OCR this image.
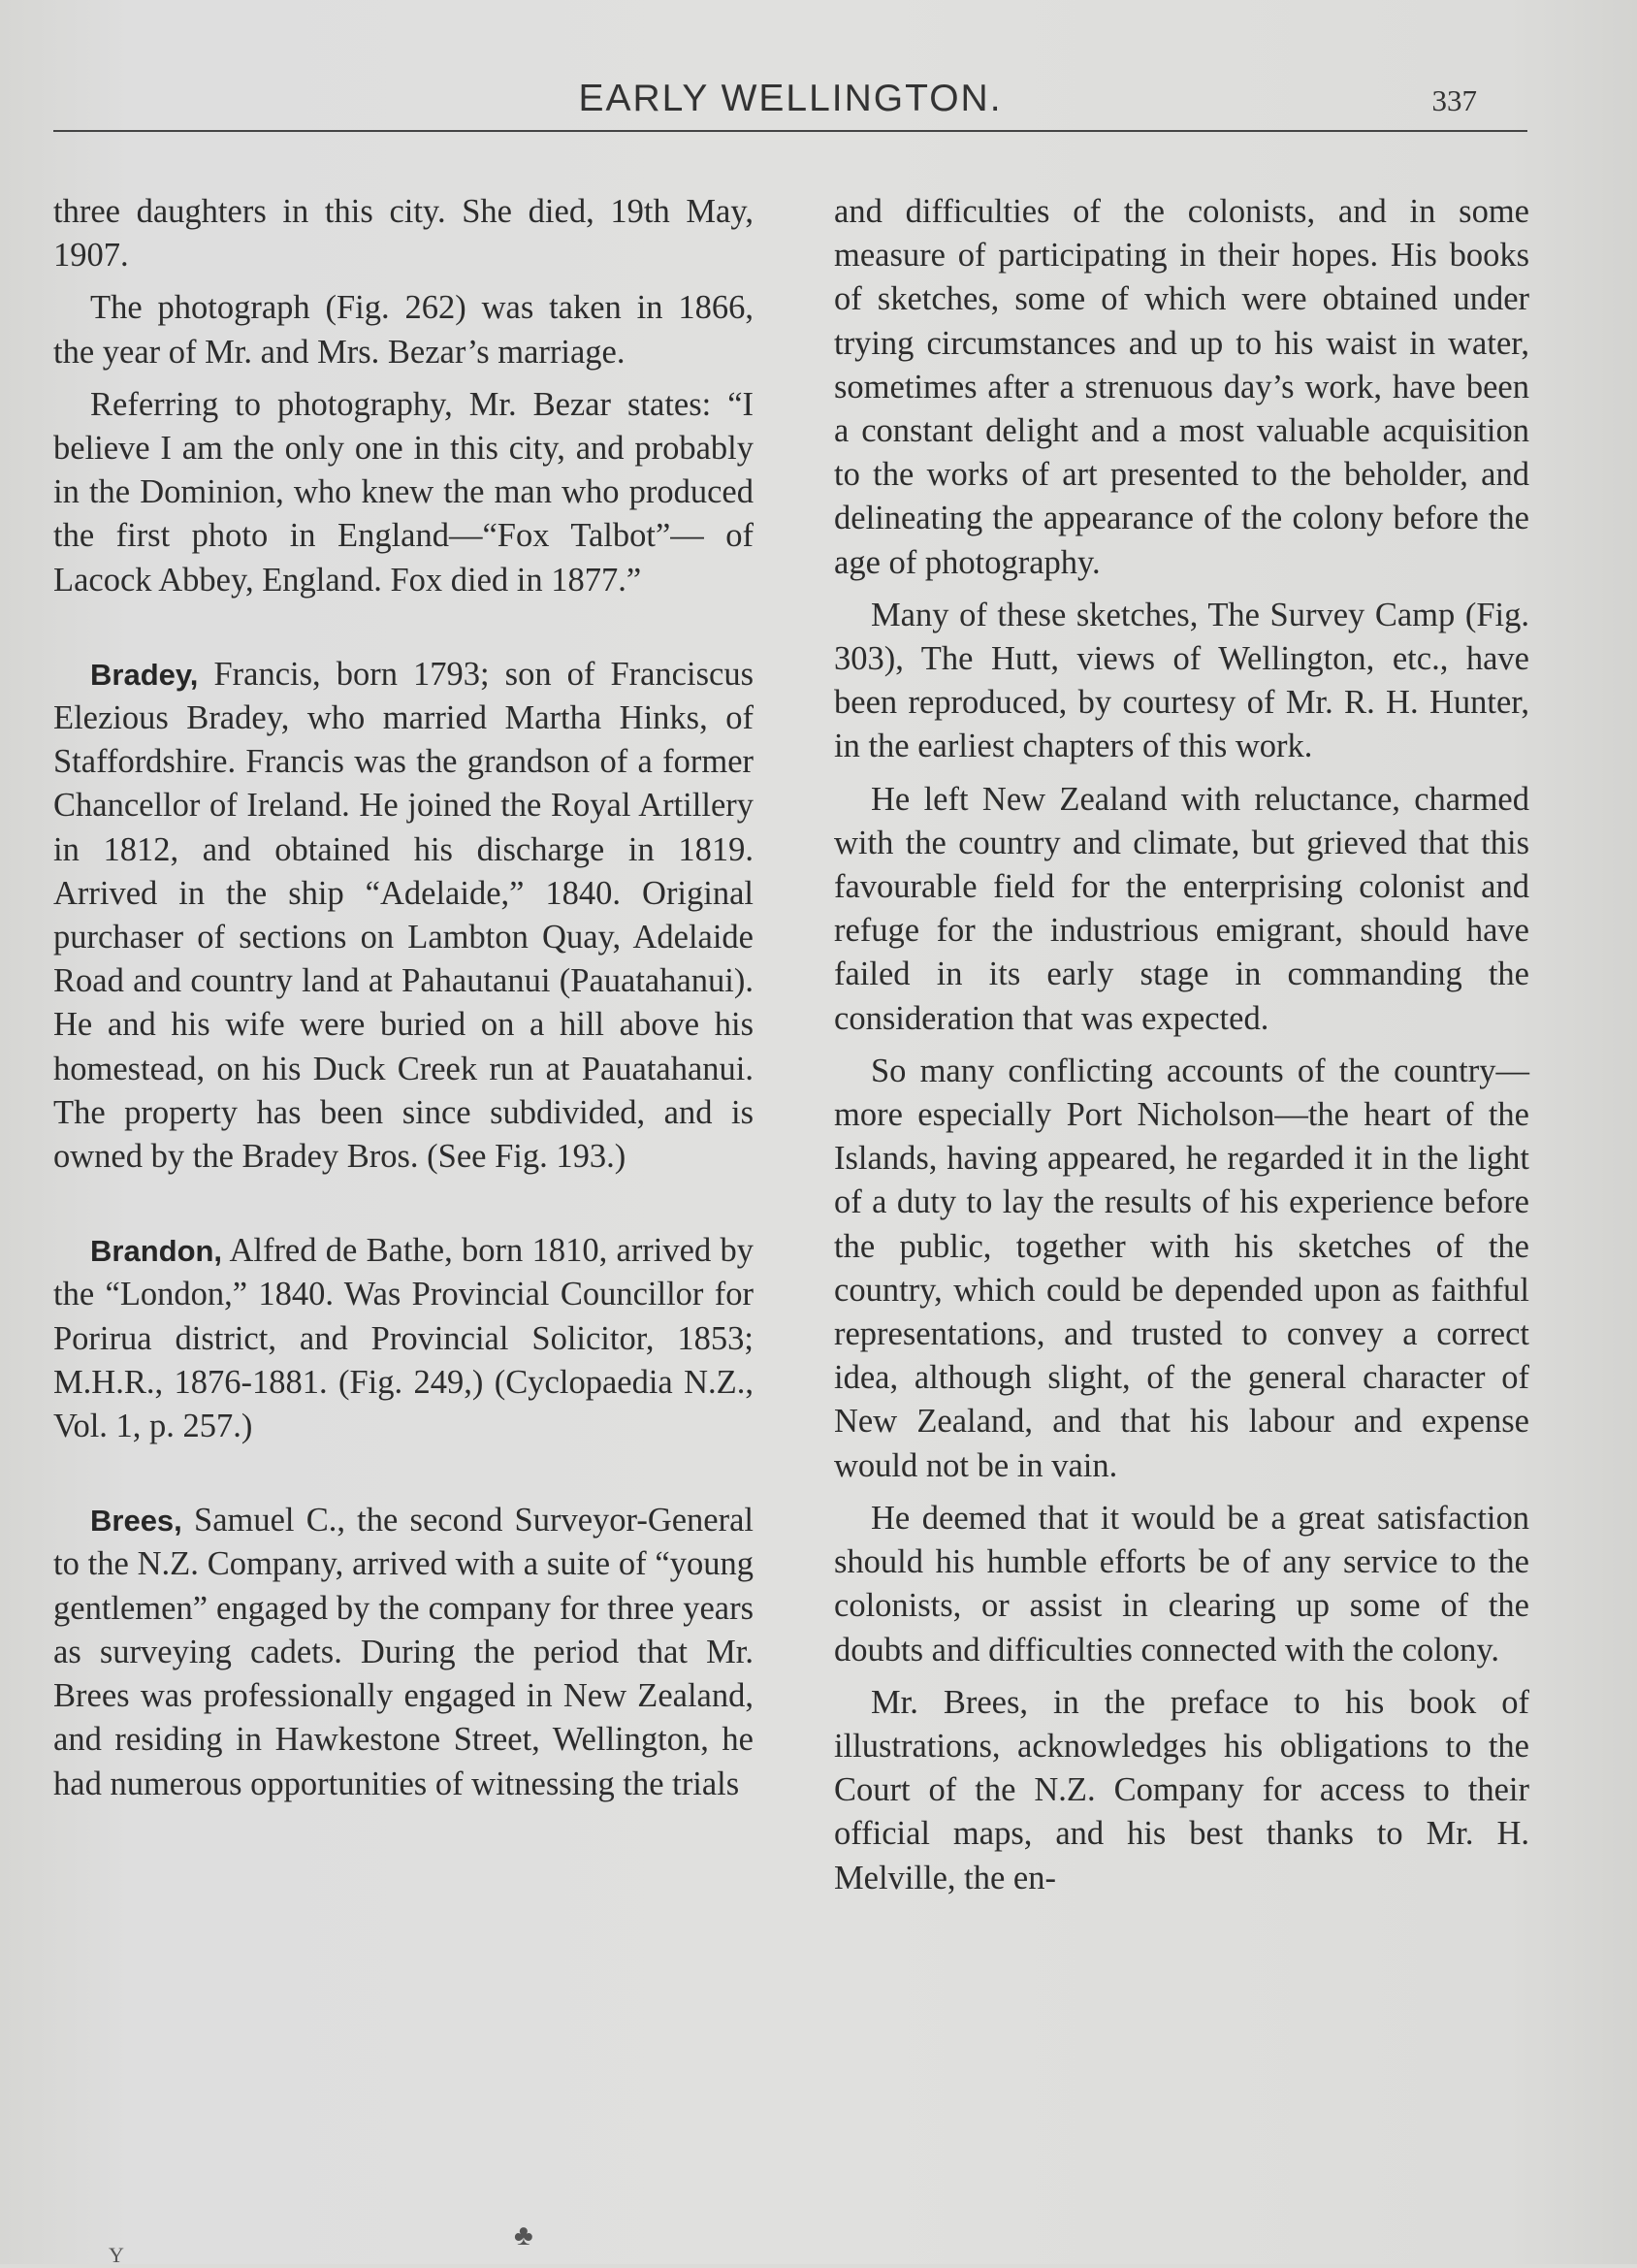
EARLY WELLINGTON.	337

three daughters in this city. She died, 19th May, 1907.

The photograph (Fig. 262) was taken in 1866, the year of Mr. and Mrs. Bezar’s marriage.

Referring to photography, Mr. Bezar states: “I believe I am the only one in this city, and probably in the Dominion, who knew the man who produced the first photo in England—“Fox Talbot”— of Lacock Abbey, England. Fox died in 1877.”

Bradey, Francis, born 1793; son of Franciscus Elezious Bradey, who married Martha Hinks, of Staffordshire. Francis was the grandson of a former Chancellor of Ireland. He joined the Royal Artillery in 1812, and obtained his discharge in 1819. Arrived in the ship “Adelaide,” 1840. Original purchaser of sections on Lambton Quay, Adelaide Road and country land at Pahautanui (Pauatahanui). He and his wife were buried on a hill above his homestead, on his Duck Creek run at Pauatahanui. The property has been since subdivided, and is owned by the Bradey Bros. (See Fig. 193.)

Brandon, Alfred de Bathe, born 1810, arrived by the “London,” 1840. Was Provincial Councillor for Porirua district, and Provincial Solicitor, 1853; M.H.R., 1876-1881. (Fig. 249,) (Cyclopaedia N.Z., Vol. 1, p. 257.)

Brees, Samuel C., the second Surveyor-General to the N.Z. Company, arrived with a suite of “young gentlemen” engaged by the company for three years as surveying cadets. During the period that Mr. Brees was professionally engaged in New Zealand, and residing in Hawkestone Street, Wellington, he had numerous opportunities of witnessing the trials

and difficulties of the colonists, and in some measure of participating in their hopes. His books of sketches, some of which were obtained under trying circumstances and up to his waist in water, sometimes after a strenuous day’s work, have been a constant delight and a most valuable acquisition to the works of art presented to the beholder, and delineating the appearance of the colony before the age of photography.

Many of these sketches, The Survey Camp (Fig. 303), The Hutt, views of Wellington, etc., have been reproduced, by courtesy of Mr. R. H. Hunter, in the earliest chapters of this work.

He left New Zealand with reluctance, charmed with the country and climate, but grieved that this favourable field for the enterprising colonist and refuge for the industrious emigrant, should have failed in its early stage in commanding the consideration that was expected.

So many conflicting accounts of the country—more especially Port Nicholson—the heart of the Islands, having appeared, he regarded it in the light of a duty to lay the results of his experience before the public, together with his sketches of the country, which could be depended upon as faithful representations, and trusted to convey a correct idea, although slight, of the general character of New Zealand, and that his labour and expense would not be in vain.

He deemed that it would be a great satisfaction should his humble efforts be of any service to the colonists, or assist in clearing up some of the doubts and difficulties connected with the colony.

Mr. Brees, in the preface to his book of illustrations, acknowledges his obligations to the Court of the N.Z. Company for access to their official maps, and his best thanks to Mr. H. Melville, the en-

Y
♣
